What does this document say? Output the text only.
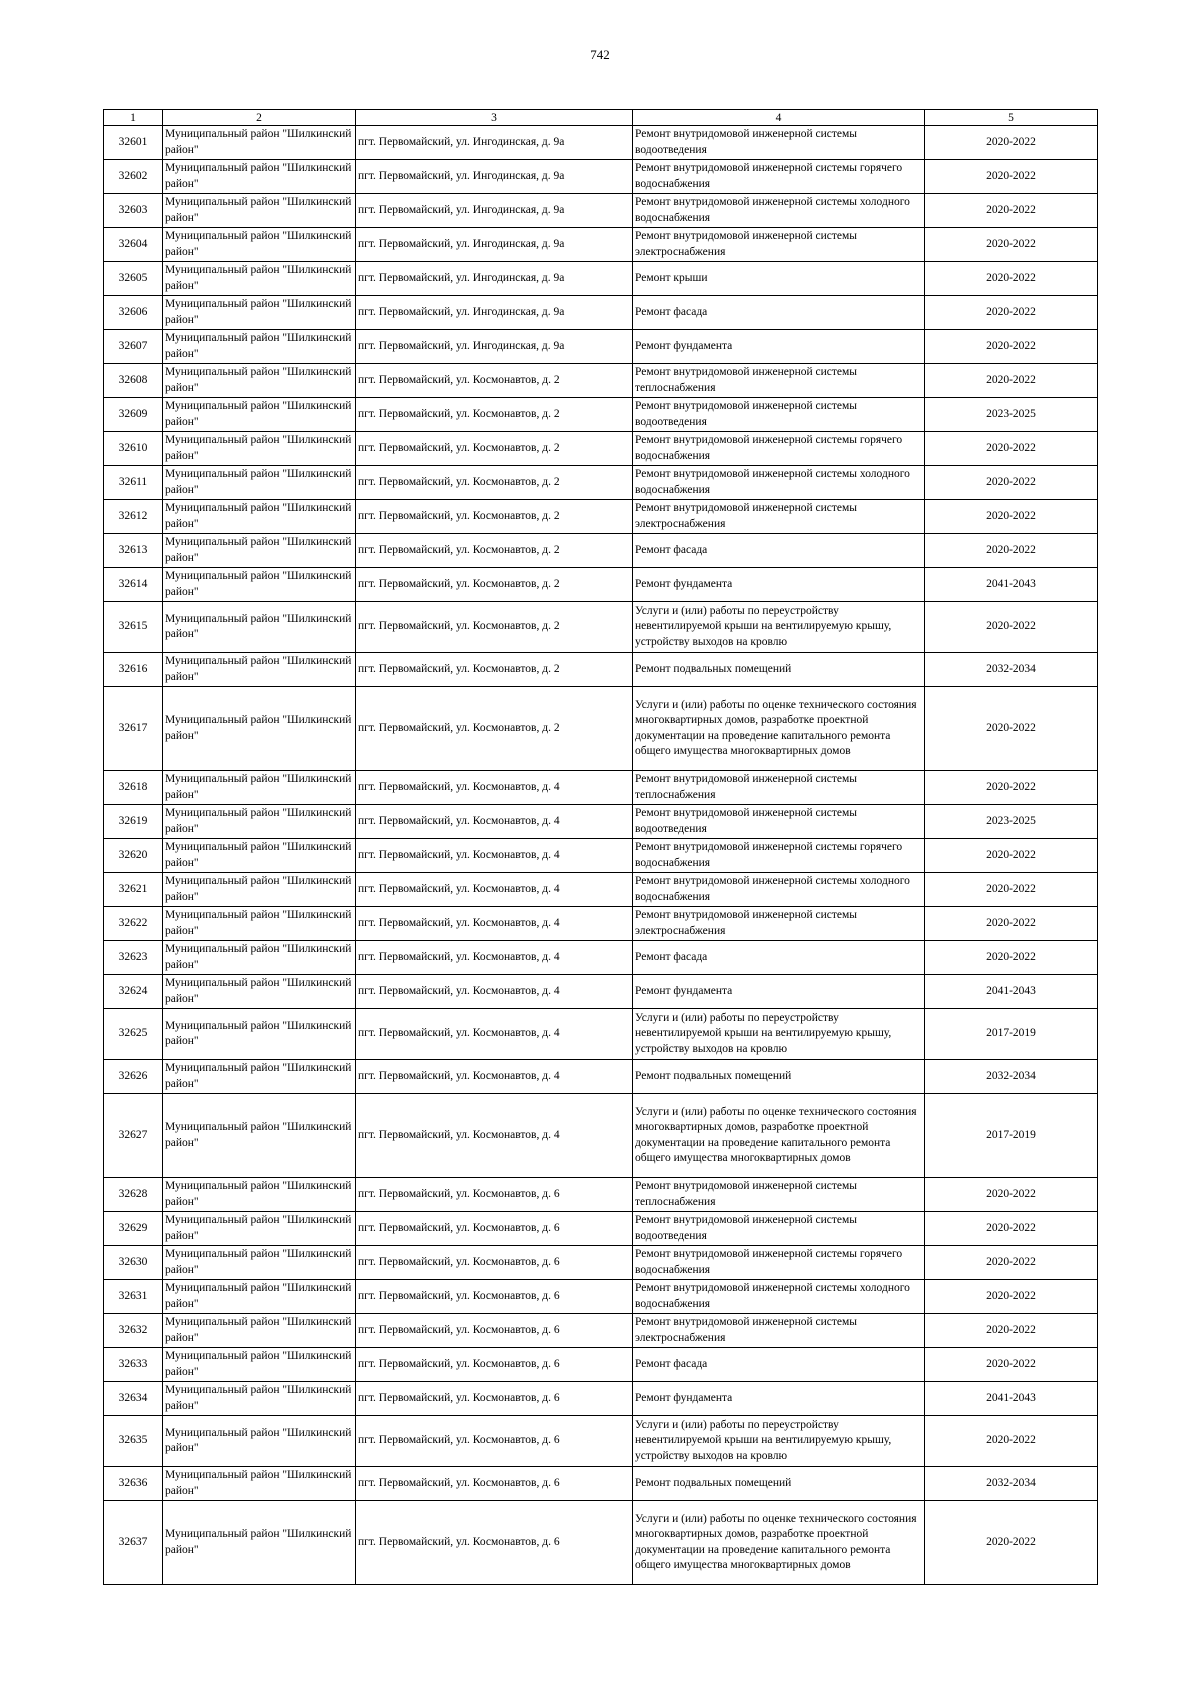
742
1	2	3	4	5
32601	Муниципальный район "Шилкинский район"	пгт. Первомайский, ул. Ингодинская, д. 9а	Ремонт внутридомовой инженерной системы водоотведения	2020-2022
32602	Муниципальный район "Шилкинский район"	пгт. Первомайский, ул. Ингодинская, д. 9а	Ремонт внутридомовой инженерной системы горячего водоснабжения	2020-2022
32603	Муниципальный район "Шилкинский район"	пгт. Первомайский, ул. Ингодинская, д. 9а	Ремонт внутридомовой инженерной системы холодного водоснабжения	2020-2022
32604	Муниципальный район "Шилкинский район"	пгт. Первомайский, ул. Ингодинская, д. 9а	Ремонт внутридомовой инженерной системы электроснабжения	2020-2022
32605	Муниципальный район "Шилкинский район"	пгт. Первомайский, ул. Ингодинская, д. 9а	Ремонт крыши	2020-2022
32606	Муниципальный район "Шилкинский район"	пгт. Первомайский, ул. Ингодинская, д. 9а	Ремонт фасада	2020-2022
32607	Муниципальный район "Шилкинский район"	пгт. Первомайский, ул. Ингодинская, д. 9а	Ремонт фундамента	2020-2022
32608	Муниципальный район "Шилкинский район"	пгт. Первомайский, ул. Космонавтов, д. 2	Ремонт внутридомовой инженерной системы теплоснабжения	2020-2022
32609	Муниципальный район "Шилкинский район"	пгт. Первомайский, ул. Космонавтов, д. 2	Ремонт внутридомовой инженерной системы водоотведения	2023-2025
32610	Муниципальный район "Шилкинский район"	пгт. Первомайский, ул. Космонавтов, д. 2	Ремонт внутридомовой инженерной системы горячего водоснабжения	2020-2022
32611	Муниципальный район "Шилкинский район"	пгт. Первомайский, ул. Космонавтов, д. 2	Ремонт внутридомовой инженерной системы холодного водоснабжения	2020-2022
32612	Муниципальный район "Шилкинский район"	пгт. Первомайский, ул. Космонавтов, д. 2	Ремонт внутридомовой инженерной системы электроснабжения	2020-2022
32613	Муниципальный район "Шилкинский район"	пгт. Первомайский, ул. Космонавтов, д. 2	Ремонт фасада	2020-2022
32614	Муниципальный район "Шилкинский район"	пгт. Первомайский, ул. Космонавтов, д. 2	Ремонт фундамента	2041-2043
32615	Муниципальный район "Шилкинский район"	пгт. Первомайский, ул. Космонавтов, д. 2	Услуги и (или) работы по переустройству невентилируемой крыши на вентилируемую крышу, устройству выходов на кровлю	2020-2022
32616	Муниципальный район "Шилкинский район"	пгт. Первомайский, ул. Космонавтов, д. 2	Ремонт подвальных помещений	2032-2034
32617	Муниципальный район "Шилкинский район"	пгт. Первомайский, ул. Космонавтов, д. 2	Услуги и (или) работы по оценке технического состояния многоквартирных домов, разработке проектной документации на проведение капитального ремонта общего имущества многоквартирных домов	2020-2022
32618	Муниципальный район "Шилкинский район"	пгт. Первомайский, ул. Космонавтов, д. 4	Ремонт внутридомовой инженерной системы теплоснабжения	2020-2022
32619	Муниципальный район "Шилкинский район"	пгт. Первомайский, ул. Космонавтов, д. 4	Ремонт внутридомовой инженерной системы водоотведения	2023-2025
32620	Муниципальный район "Шилкинский район"	пгт. Первомайский, ул. Космонавтов, д. 4	Ремонт внутридомовой инженерной системы горячего водоснабжения	2020-2022
32621	Муниципальный район "Шилкинский район"	пгт. Первомайский, ул. Космонавтов, д. 4	Ремонт внутридомовой инженерной системы холодного водоснабжения	2020-2022
32622	Муниципальный район "Шилкинский район"	пгт. Первомайский, ул. Космонавтов, д. 4	Ремонт внутридомовой инженерной системы электроснабжения	2020-2022
32623	Муниципальный район "Шилкинский район"	пгт. Первомайский, ул. Космонавтов, д. 4	Ремонт фасада	2020-2022
32624	Муниципальный район "Шилкинский район"	пгт. Первомайский, ул. Космонавтов, д. 4	Ремонт фундамента	2041-2043
32625	Муниципальный район "Шилкинский район"	пгт. Первомайский, ул. Космонавтов, д. 4	Услуги и (или) работы по переустройству невентилируемой крыши на вентилируемую крышу, устройству выходов на кровлю	2017-2019
32626	Муниципальный район "Шилкинский район"	пгт. Первомайский, ул. Космонавтов, д. 4	Ремонт подвальных помещений	2032-2034
32627	Муниципальный район "Шилкинский район"	пгт. Первомайский, ул. Космонавтов, д. 4	Услуги и (или) работы по оценке технического состояния многоквартирных домов, разработке проектной документации на проведение капитального ремонта общего имущества многоквартирных домов	2017-2019
32628	Муниципальный район "Шилкинский район"	пгт. Первомайский, ул. Космонавтов, д. 6	Ремонт внутридомовой инженерной системы теплоснабжения	2020-2022
32629	Муниципальный район "Шилкинский район"	пгт. Первомайский, ул. Космонавтов, д. 6	Ремонт внутридомовой инженерной системы водоотведения	2020-2022
32630	Муниципальный район "Шилкинский район"	пгт. Первомайский, ул. Космонавтов, д. 6	Ремонт внутридомовой инженерной системы горячего водоснабжения	2020-2022
32631	Муниципальный район "Шилкинский район"	пгт. Первомайский, ул. Космонавтов, д. 6	Ремонт внутридомовой инженерной системы холодного водоснабжения	2020-2022
32632	Муниципальный район "Шилкинский район"	пгт. Первомайский, ул. Космонавтов, д. 6	Ремонт внутридомовой инженерной системы электроснабжения	2020-2022
32633	Муниципальный район "Шилкинский район"	пгт. Первомайский, ул. Космонавтов, д. 6	Ремонт фасада	2020-2022
32634	Муниципальный район "Шилкинский район"	пгт. Первомайский, ул. Космонавтов, д. 6	Ремонт фундамента	2041-2043
32635	Муниципальный район "Шилкинский район"	пгт. Первомайский, ул. Космонавтов, д. 6	Услуги и (или) работы по переустройству невентилируемой крыши на вентилируемую крышу, устройству выходов на кровлю	2020-2022
32636	Муниципальный район "Шилкинский район"	пгт. Первомайский, ул. Космонавтов, д. 6	Ремонт подвальных помещений	2032-2034
32637	Муниципальный район "Шилкинский район"	пгт. Первомайский, ул. Космонавтов, д. 6	Услуги и (или) работы по оценке технического состояния многоквартирных домов, разработке проектной документации на проведение капитального ремонта общего имущества многоквартирных домов	2020-2022
